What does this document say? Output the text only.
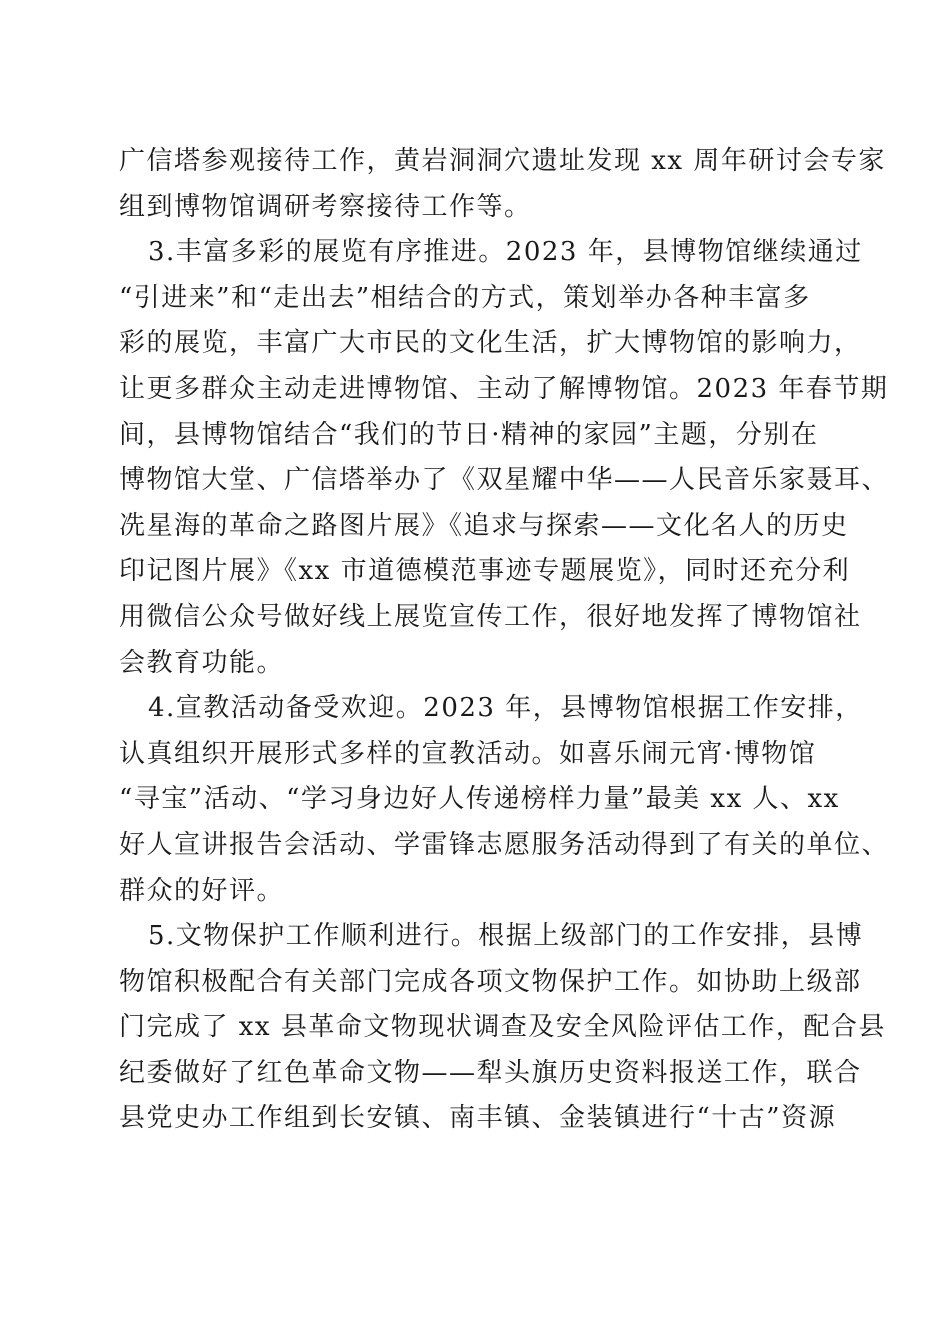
广信塔参观接待工作，黄岩洞洞穴遗址发现 xx 周年研讨会专家
组到博物馆调研考察接待工作等。
3.丰富多彩的展览有序推进。2023 年，县博物馆继续通过
“引进来”和“走出去”相结合的方式，策划举办各种丰富多
彩的展览，丰富广大市民的文化生活，扩大博物馆的影响力，
让更多群众主动走进博物馆、主动了解博物馆。2023 年春节期
间，县博物馆结合“我们的节日·精神的家园”主题，分别在
博物馆大堂、广信塔举办了《双星耀中华——人民音乐家聂耳、
冼星海的革命之路图片展》《追求与探索——文化名人的历史
印记图片展》《xx 市道德模范事迹专题展览》，同时还充分利
用微信公众号做好线上展览宣传工作，很好地发挥了博物馆社
会教育功能。
4.宣教活动备受欢迎。2023 年，县博物馆根据工作安排，
认真组织开展形式多样的宣教活动。如喜乐闹元宵·博物馆
“寻宝”活动、“学习身边好人传递榜样力量”最美 xx 人、xx
好人宣讲报告会活动、学雷锋志愿服务活动得到了有关的单位、
群众的好评。
5.文物保护工作顺利进行。根据上级部门的工作安排，县博
物馆积极配合有关部门完成各项文物保护工作。如协助上级部
门完成了 xx 县革命文物现状调查及安全风险评估工作，配合县
纪委做好了红色革命文物——犁头旗历史资料报送工作，联合
县党史办工作组到长安镇、南丰镇、金装镇进行“十古”资源
